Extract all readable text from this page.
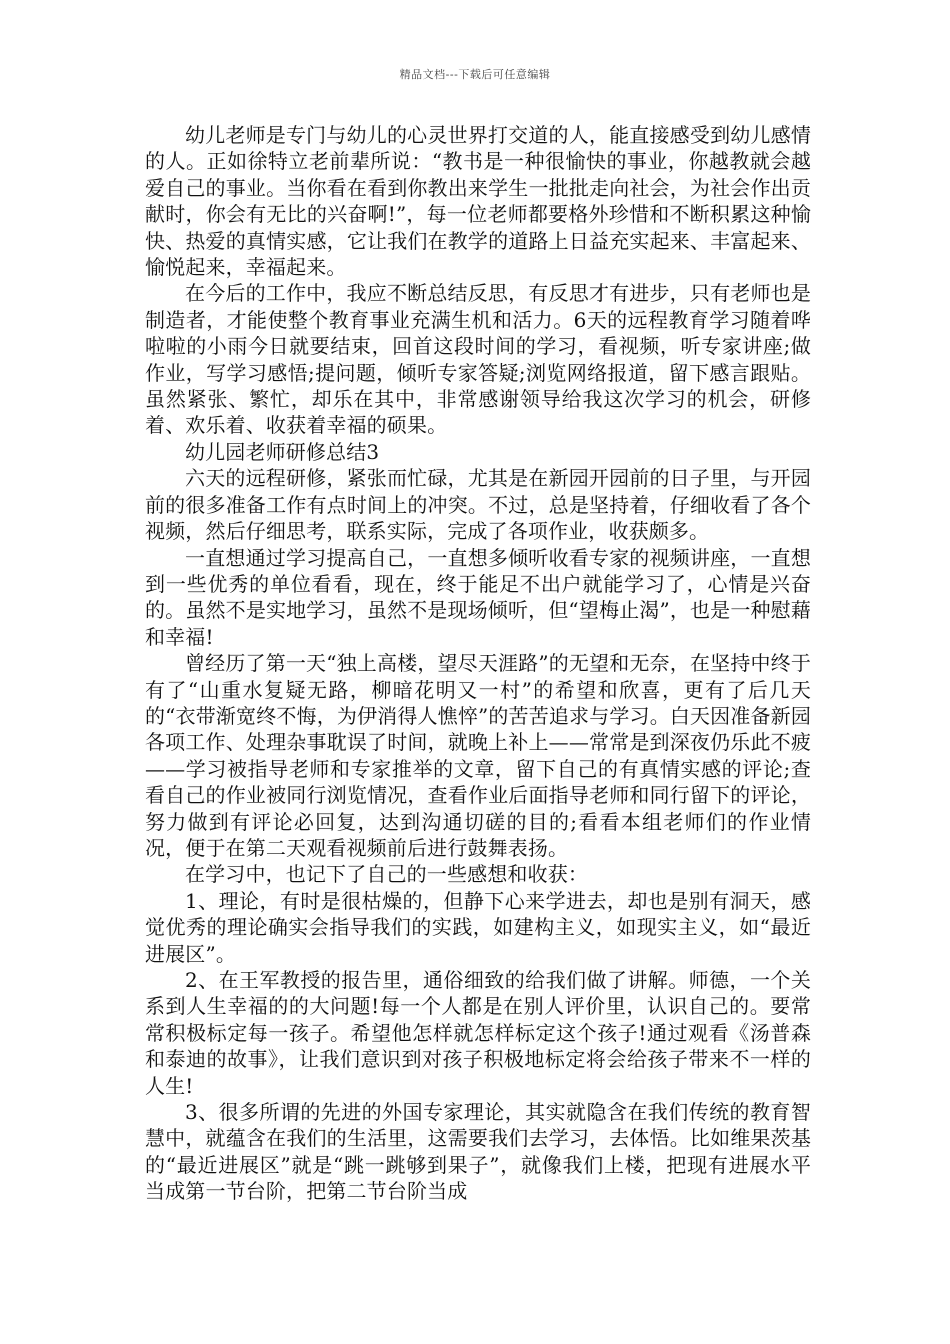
精品文档---下载后可任意编辑

幼儿老师是专门与幼儿的心灵世界打交道的人，能直接感受到幼儿感情的人。正如徐特立老前辈所说：“教书是一种很愉快的事业，你越教就会越爱自己的事业。当你看在看到你教出来学生一批批走向社会，为社会作出贡献时，你会有无比的兴奋啊!”，每一位老师都要格外珍惜和不断积累这种愉快、热爱的真情实感，它让我们在教学的道路上日益充实起来、丰富起来、愉悦起来，幸福起来。

在今后的工作中，我应不断总结反思，有反思才有进步，只有老师也是制造者，才能使整个教育事业充满生机和活力。6天的远程教育学习随着哗啦啦的小雨今日就要结束，回首这段时间的学习，看视频，听专家讲座;做作业，写学习感悟;提问题，倾听专家答疑;浏览网络报道，留下感言跟贴。虽然紧张、繁忙，却乐在其中，非常感谢领导给我这次学习的机会，研修着、欢乐着、收获着幸福的硕果。

幼儿园老师研修总结3

六天的远程研修，紧张而忙碌，尤其是在新园开园前的日子里，与开园前的很多准备工作有点时间上的冲突。不过，总是坚持着，仔细收看了各个视频，然后仔细思考，联系实际，完成了各项作业，收获颇多。

一直想通过学习提高自己，一直想多倾听收看专家的视频讲座，一直想到一些优秀的单位看看，现在，终于能足不出户就能学习了，心情是兴奋的。虽然不是实地学习，虽然不是现场倾听，但“望梅止渴”，也是一种慰藉和幸福!

曾经历了第一天“独上高楼，望尽天涯路”的无望和无奈，在坚持中终于有了“山重水复疑无路，柳暗花明又一村”的希望和欣喜，更有了后几天的“衣带渐宽终不悔，为伊消得人憔悴”的苦苦追求与学习。白天因准备新园各项工作、处理杂事耽误了时间，就晚上补上——常常是到深夜仍乐此不疲——学习被指导老师和专家推举的文章，留下自己的有真情实感的评论;查看自己的作业被同行浏览情况，查看作业后面指导老师和同行留下的评论，努力做到有评论必回复，达到沟通切磋的目的;看看本组老师们的作业情况，便于在第二天观看视频前后进行鼓舞表扬。

在学习中，也记下了自己的一些感想和收获：

1、理论，有时是很枯燥的，但静下心来学进去，却也是别有洞天，感觉优秀的理论确实会指导我们的实践，如建构主义，如现实主义，如“最近进展区”。

2、在王军教授的报告里，通俗细致的给我们做了讲解。师德，一个关系到人生幸福的的大问题!每一个人都是在别人评价里，认识自己的。要常常积极标定每一孩子。希望他怎样就怎样标定这个孩子!通过观看《汤普森和泰迪的故事》，让我们意识到对孩子积极地标定将会给孩子带来不一样的人生!

3、很多所谓的先进的外国专家理论，其实就隐含在我们传统的教育智慧中，就蕴含在我们的生活里，这需要我们去学习，去体悟。比如维果茨基的“最近进展区”就是“跳一跳够到果子”，就像我们上楼，把现有进展水平当成第一节台阶，把第二节台阶当成
